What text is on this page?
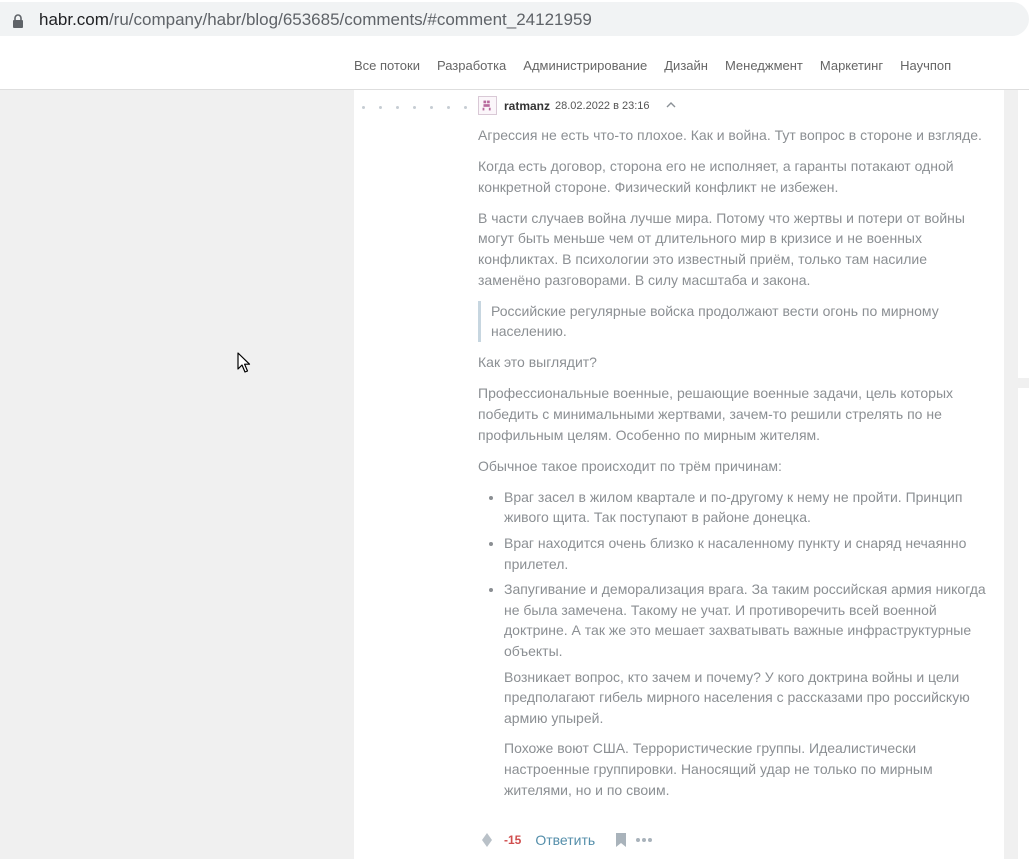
habr.com/ru/company/habr/blog/653685/comments/#comment_24121959
Все потоки Разработка Администрирование Дизайн Менеджмент Маркетинг Научпоп
ratmanz 28.02.2022 в 23:16

Агрессия не есть что-то плохое. Как и война. Тут вопрос в стороне и взгляде.

Когда есть договор, сторона его не исполняет, а гаранты потакают одной конкретной стороне. Физический конфликт не избежен.

В части случаев война лучше мира. Потому что жертвы и потери от войны могут быть меньше чем от длительного мир в кризисе и не военных конфликтах. В психологии это известный приём, только там насилие заменёно разговорами. В силу масштаба и закона.

Российские регулярные войска продолжают вести огонь по мирному населению.

Как это выглядит?

Профессиональные военные, решающие военные задачи, цель которых победить с минимальными жертвами, зачем-то решили стрелять по не профильным целям. Особенно по мирным жителям.

Обычное такое происходит по трём причинам:

• Враг засел в жилом квартале и по-другому к нему не пройти. Принцип живого щита. Так поступают в районе донецка.
• Враг находится очень близко к насаленному пункту и снаряд нечаянно прилетел.
• Запугивание и деморализация врага. За таким российская армия никогда не была замечена. Такому не учат. И противоречить всей военной доктрине. А так же это мешает захватывать важные инфраструктурные объекты.

Возникает вопрос, кто зачем и почему? У кого доктрина войны и цели предполагают гибель мирного населения с рассказами про российскую армию упырей.

Похоже воют США. Террористические группы. Идеалистически настроенные группировки. Наносящий удар не только по мирным жителями, но и по своим.

-15 Ответить
